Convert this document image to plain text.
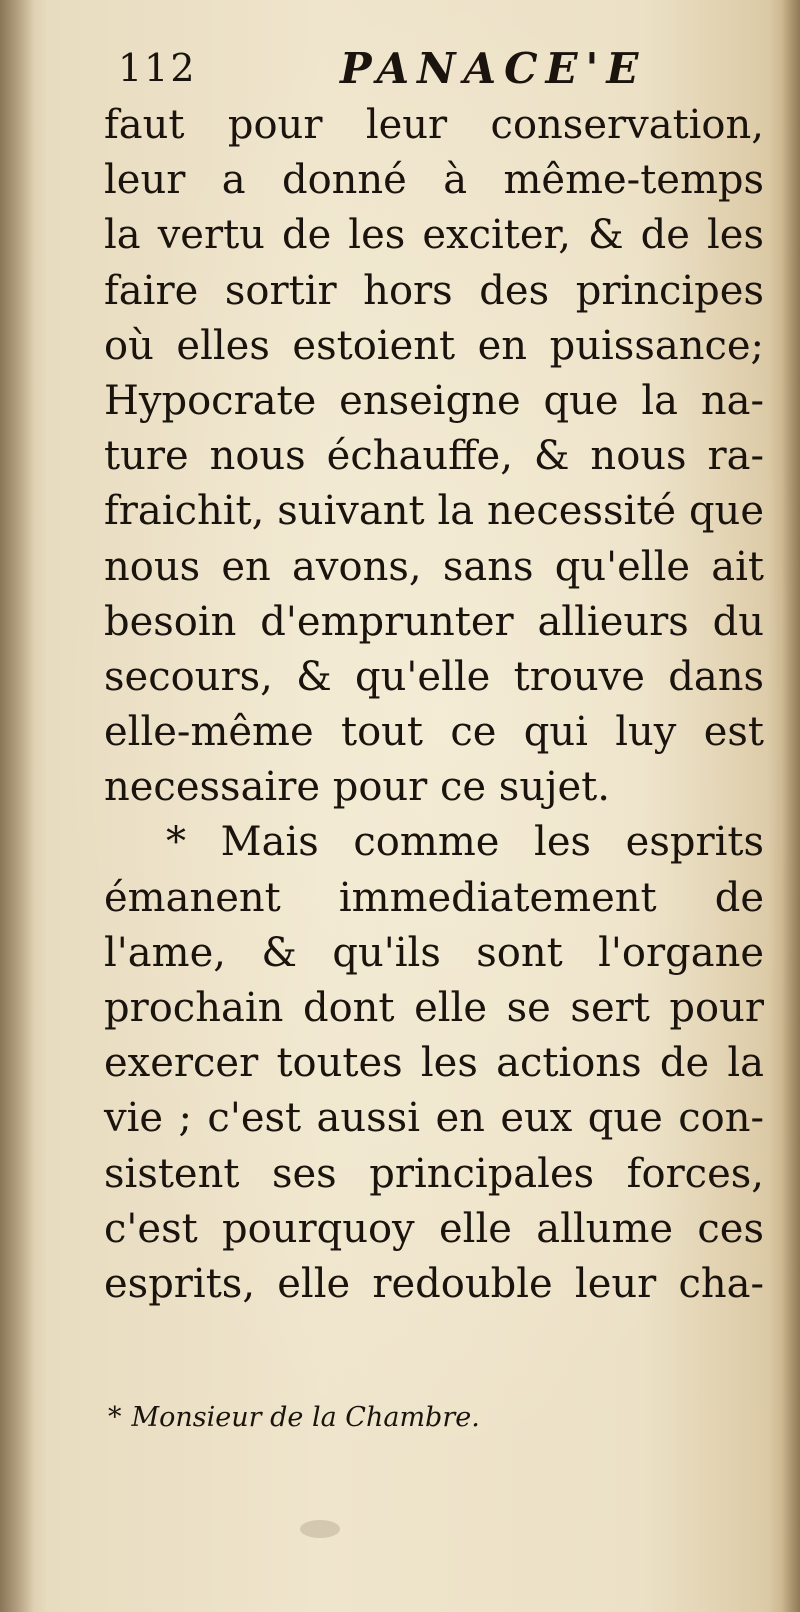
112	PANACE'E
faut pour leur conservation,
leur a donné à même-temps
la vertu de les exciter, & de les
faire sortir hors des principes
où elles estoient en puissance;
Hypocrate enseigne que la na-
ture nous échauffe, & nous ra-
fraichit, suivant la necessité que
nous en avons, sans qu'elle ait
besoin d'emprunter allieurs du
secours, & qu'elle trouve dans
elle-même tout ce qui luy est
necessaire pour ce sujet.
* Mais comme les esprits
émanent immediatement de
l'ame, & qu'ils sont l'organe
prochain dont elle se sert pour
exercer toutes les actions de la
vie ; c'est aussi en eux que con-
sistent ses principales forces,
c'est pourquoy elle allume ces
esprits, elle redouble leur cha-
* Monsieur de la Chambre.
